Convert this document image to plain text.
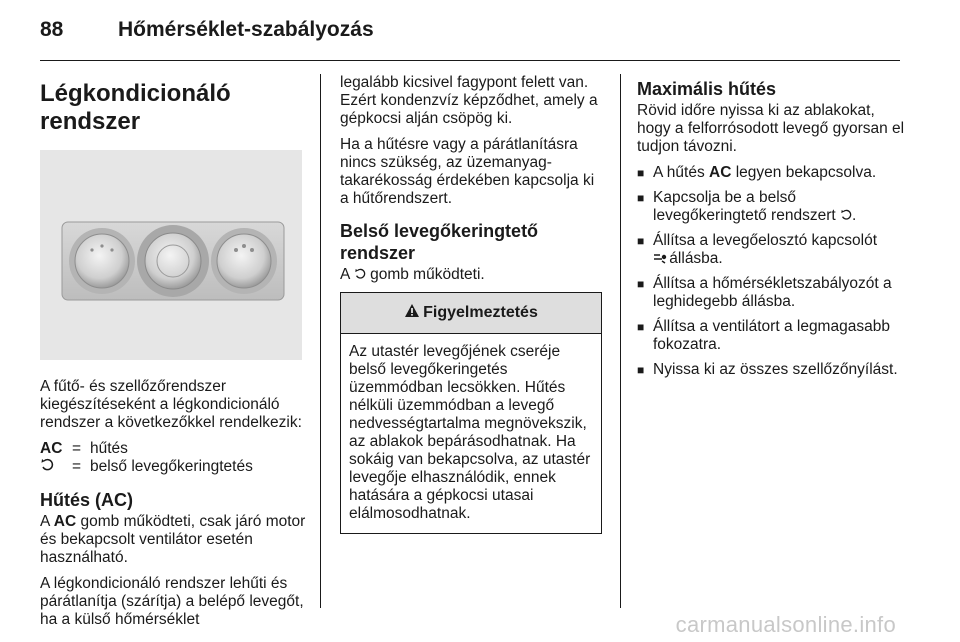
88	Hőmérséklet-szabályozás
Légkondicionáló rendszer

A fűtő- és szellőzőrendszer kiegészítéseként a légkondicionáló rendszer a következőkkel rendelkezik:

AC = hűtés
= belső levegőkeringtetés
Hűtés (AC)

A AC gomb működteti, csak járó motor és bekapcsolt ventilátor esetén használható.

A légkondicionáló rendszer lehűti és párátlanítja (szárítja) a belépő levegőt, ha a külső hőmérséklet

legalább kicsivel fagypont felett van. Ezért kondenzvíz képződhet, amely a gépkocsi alján csöpög ki.

Ha a hűtésre vagy a párátlanításra nincs szükség, az üzemanyag-takarékosság érdekében kapcsolja ki a hűtőrendszert.

Belső levegőkeringtető rendszer

A  gomb működteti.

Figyelmeztetés
Az utastér levegőjének cseréje belső levegőkeringetés üzemmódban lecsökken. Hűtés nélküli üzemmódban a levegő nedvességtartalma megnövekszik, az ablakok bepárásodhatnak. Ha sokáig van bekapcsolva, az utastér levegője elhasználódik, ennek hatására a gépkocsi utasai elálmosodhatnak.
Maximális hűtés

Rövid időre nyissa ki az ablakokat, hogy a felforrósodott levegő gyorsan el tudjon távozni.

■ A hűtés AC legyen bekapcsolva.
■ Kapcsolja be a belső levegőkeringtető rendszert .
■ Állítsa a levegőelosztó kapcsolót
állásba.
■ Állítsa a hőmérsékletszabályozót a leghidegebb állásba.
■ Állítsa a ventilátort a legmagasabb fokozatra.
■ Nyissa ki az összes szellőzőnyílást.
carmanualsonline.info
